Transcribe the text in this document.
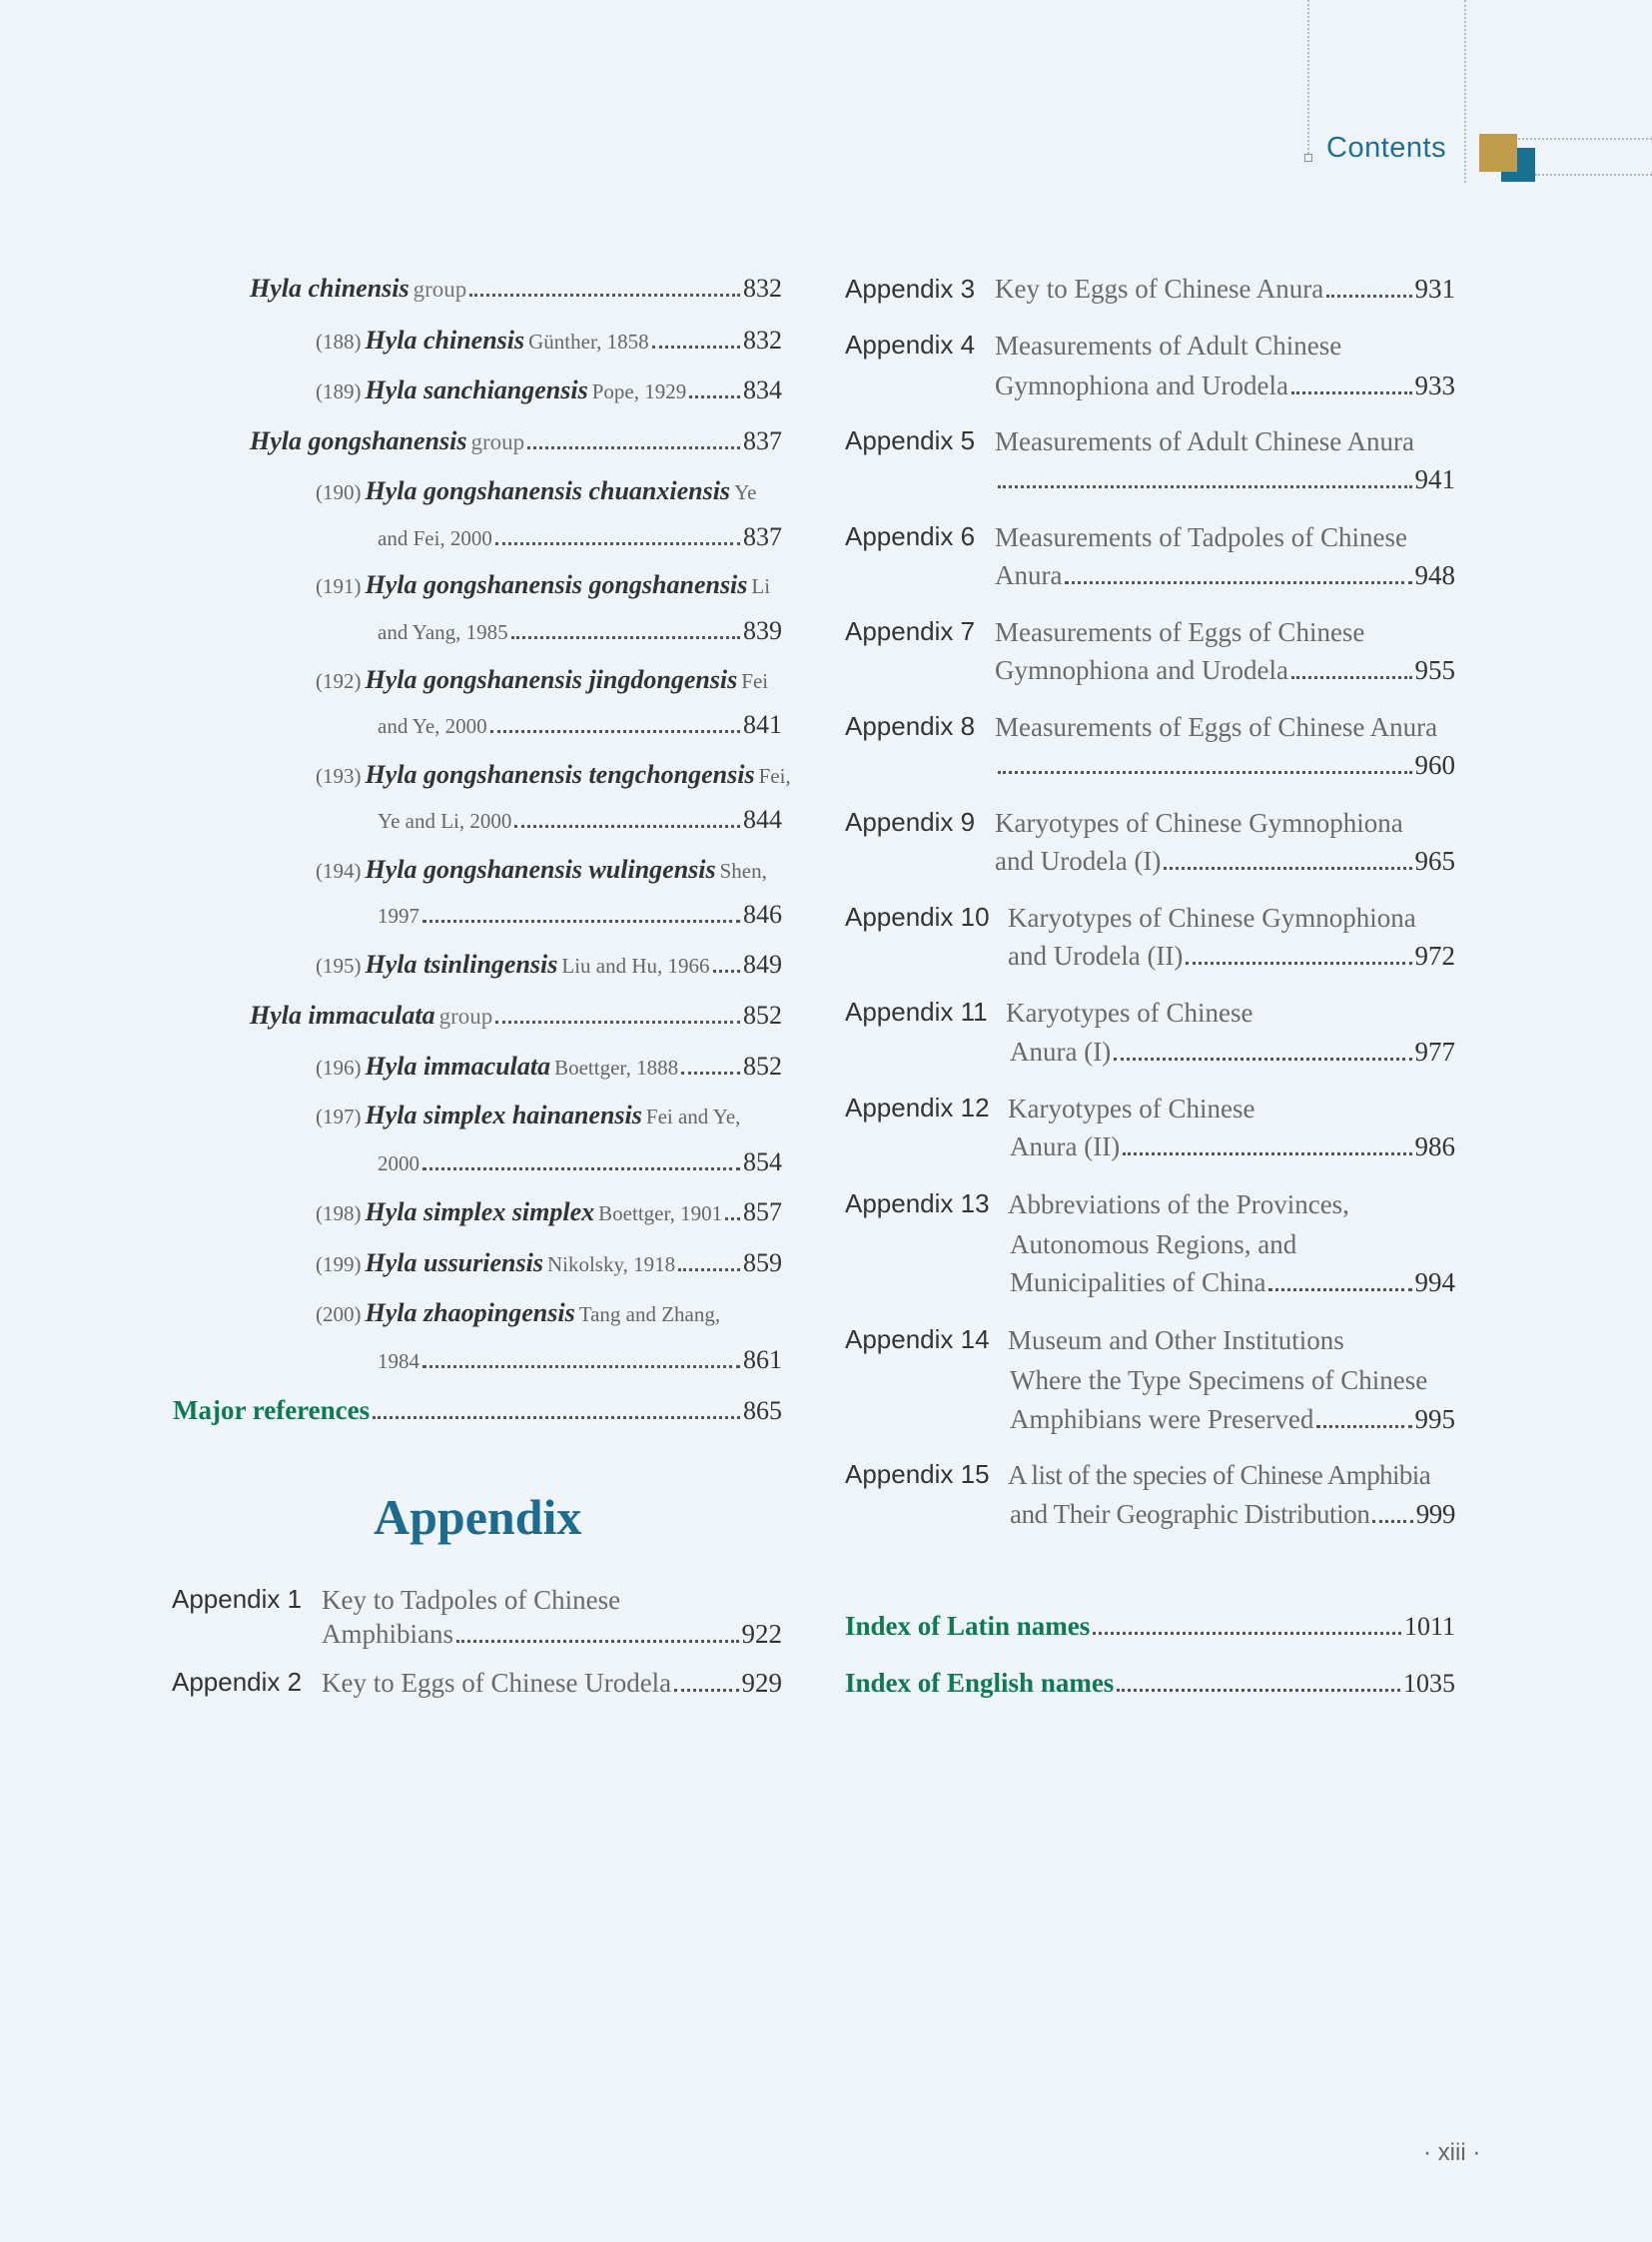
Contents
Hyla chinensis group	832
(188) Hyla chinensis Günther, 1858	832
(189) Hyla sanchiangensis Pope, 1929 834
Hyla gongshanensis group	837
(190) Hyla gongshanensis chuanxiensis Ye
and Fei, 2000	837
(191) Hyla gongshanensis gongshanensis Li
and Yang, 1985	839
(192) Hyla gongshanensis jingdongensis Fei
and Ye, 2000	841
(193) Hyla gongshanensis tengchongensis Fei,
Ye and Li, 2000	844
(194) Hyla gongshanensis wulingensis Shen,
1997	846
(195) Hyla tsinlingensis Liu and Hu, 1966 849
Hyla immaculata group	852
(196) Hyla immaculata Boettger, 1888 852
(197) Hyla simplex hainanensis Fei and Ye,
2000	854
(198) Hyla simplex simplex Boettger, 1901 857
(199) Hyla ussuriensis Nikolsky, 1918	859
(200) Hyla zhaopingensis Tang and Zhang,
1984	861
Major references	865
Appendix
Appendix 1 Key to Tadpoles of Chinese
Amphibians	922
Appendix 2 Key to Eggs of Chinese Urodela	929
Appendix 3 Key to Eggs of Chinese Anura	931
Appendix 4 Measurements of Adult Chinese
Gymnophiona and Urodela	933
Appendix 5 Measurements of Adult Chinese Anura
941
Appendix 6 Measurements of Tadpoles of Chinese
Anura	948
Appendix 7 Measurements of Eggs of Chinese
Gymnophiona and Urodela	955
Appendix 8 Measurements of Eggs of Chinese Anura
960
Appendix 9 Karyotypes of Chinese Gymnophiona
and Urodela (I)	965
Appendix 10 Karyotypes of Chinese Gymnophiona
and Urodela (II)	972
Appendix 11 Karyotypes of Chinese
Anura (I)	977
Appendix 12 Karyotypes of Chinese
Anura (II)	986
Appendix 13 Abbreviations of the Provinces,
Autonomous Regions, and
Municipalities of China	994
Appendix 14 Museum and Other Institutions
Where the Type Specimens of Chinese
Amphibians were Preserved	995
Appendix 15 A list of the species of Chinese Amphibia
and Their Geographic Distribution 999
Index of Latin names	1011
Index of English names	1035
· xiii ·
